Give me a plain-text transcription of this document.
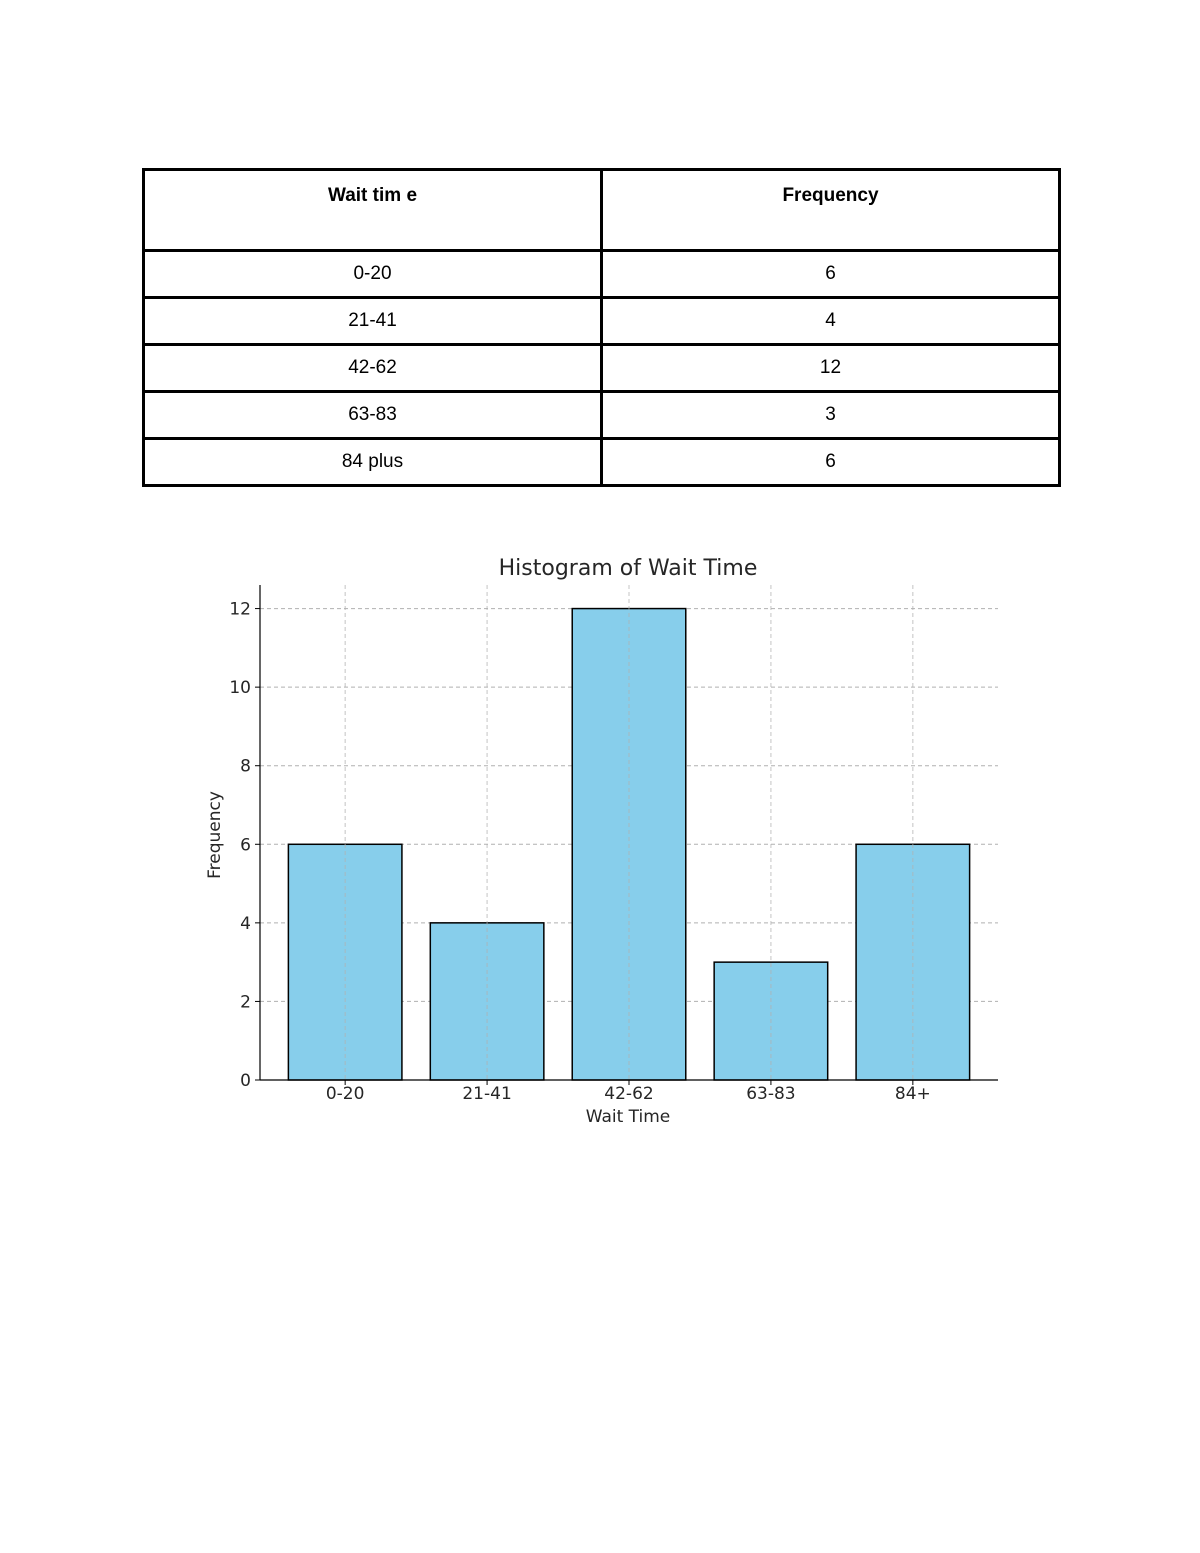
Wait tim e	Frequency
0-20	6
21-41	4
42-62	12
63-83	3
84 plus	6
Histogram of Wait Time
0
2
4
6
8
10
12
0-20	21-41	42-62	63-83	84+
Wait Time
Frequency
